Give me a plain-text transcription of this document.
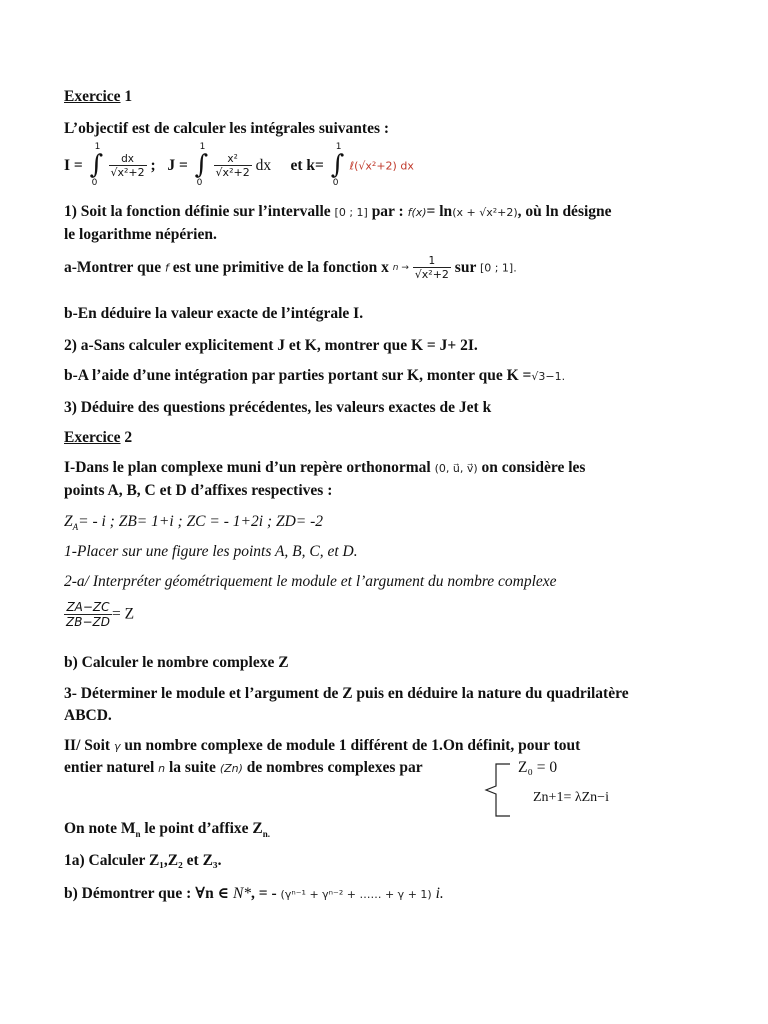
Exercice 1
L’objectif est de calculer les intégrales suivantes :
I = ∫
1
0

$\frac{dx}{\text{√x²+2}}$ ; J = ∫
1
0

$\frac{\text{x²}}{\text{√x²+2}}$ dx et k= ∫
1
0
ℓ(√x²+2) dx
1) Soit la fonction définie sur l’intervalle [0 ; 1] par : f(x)= ln(x + √x²+2), où ln désigne
le logarithme népérien.
a-Montrer que f est une primitive de la fonction x $n \to \frac{1}{\text{√x²+2}}$ sur [0 ; 1].
b-En déduire la valeur exacte de l’intégrale I.
2) a-Sans calculer explicitement J et K, montrer que K = J+ 2I.
b-A l’aide d’une intégration par parties portant sur K, monter que K =√3−1.
3) Déduire des questions précédentes, les valeurs exactes de Jet k
Exercice 2
I-Dans le plan complexe muni d’un repère orthonormal (0, u⃗, v⃗) on considère les
points A, B, C et D d’affixes respectives :
$Z_A= - i$ ; ZB= 1+i ; ZC = - 1+2i ; ZD= -2
1-Placer sur une figure les points A, B, C, et D.
2-a/ Interpréter géométriquement le module et l’argument du nombre complexe
$\frac{ZA-ZC}{ZB-ZD} = Z$
b) Calculer le nombre complexe Z
3- Déterminer le module et l’argument de Z puis en déduire la nature du quadrilatère
ABCD.
II/ Soit γ un nombre complexe de module 1 différent de 1.On définit, pour tout
entier naturel n la suite (Zn) de nombres complexes par	Z₀ = 0
Zn+1= λZn−i
On note $M_n$ le point d’affixe $Z_{n.}$
1a) Calculer Z₁,Z₂ et Z₃.
b) Démontrer que : ∀n ∈ N*, = - (γⁿ⁻¹ + γⁿ⁻² + …… + γ + 1) i.
